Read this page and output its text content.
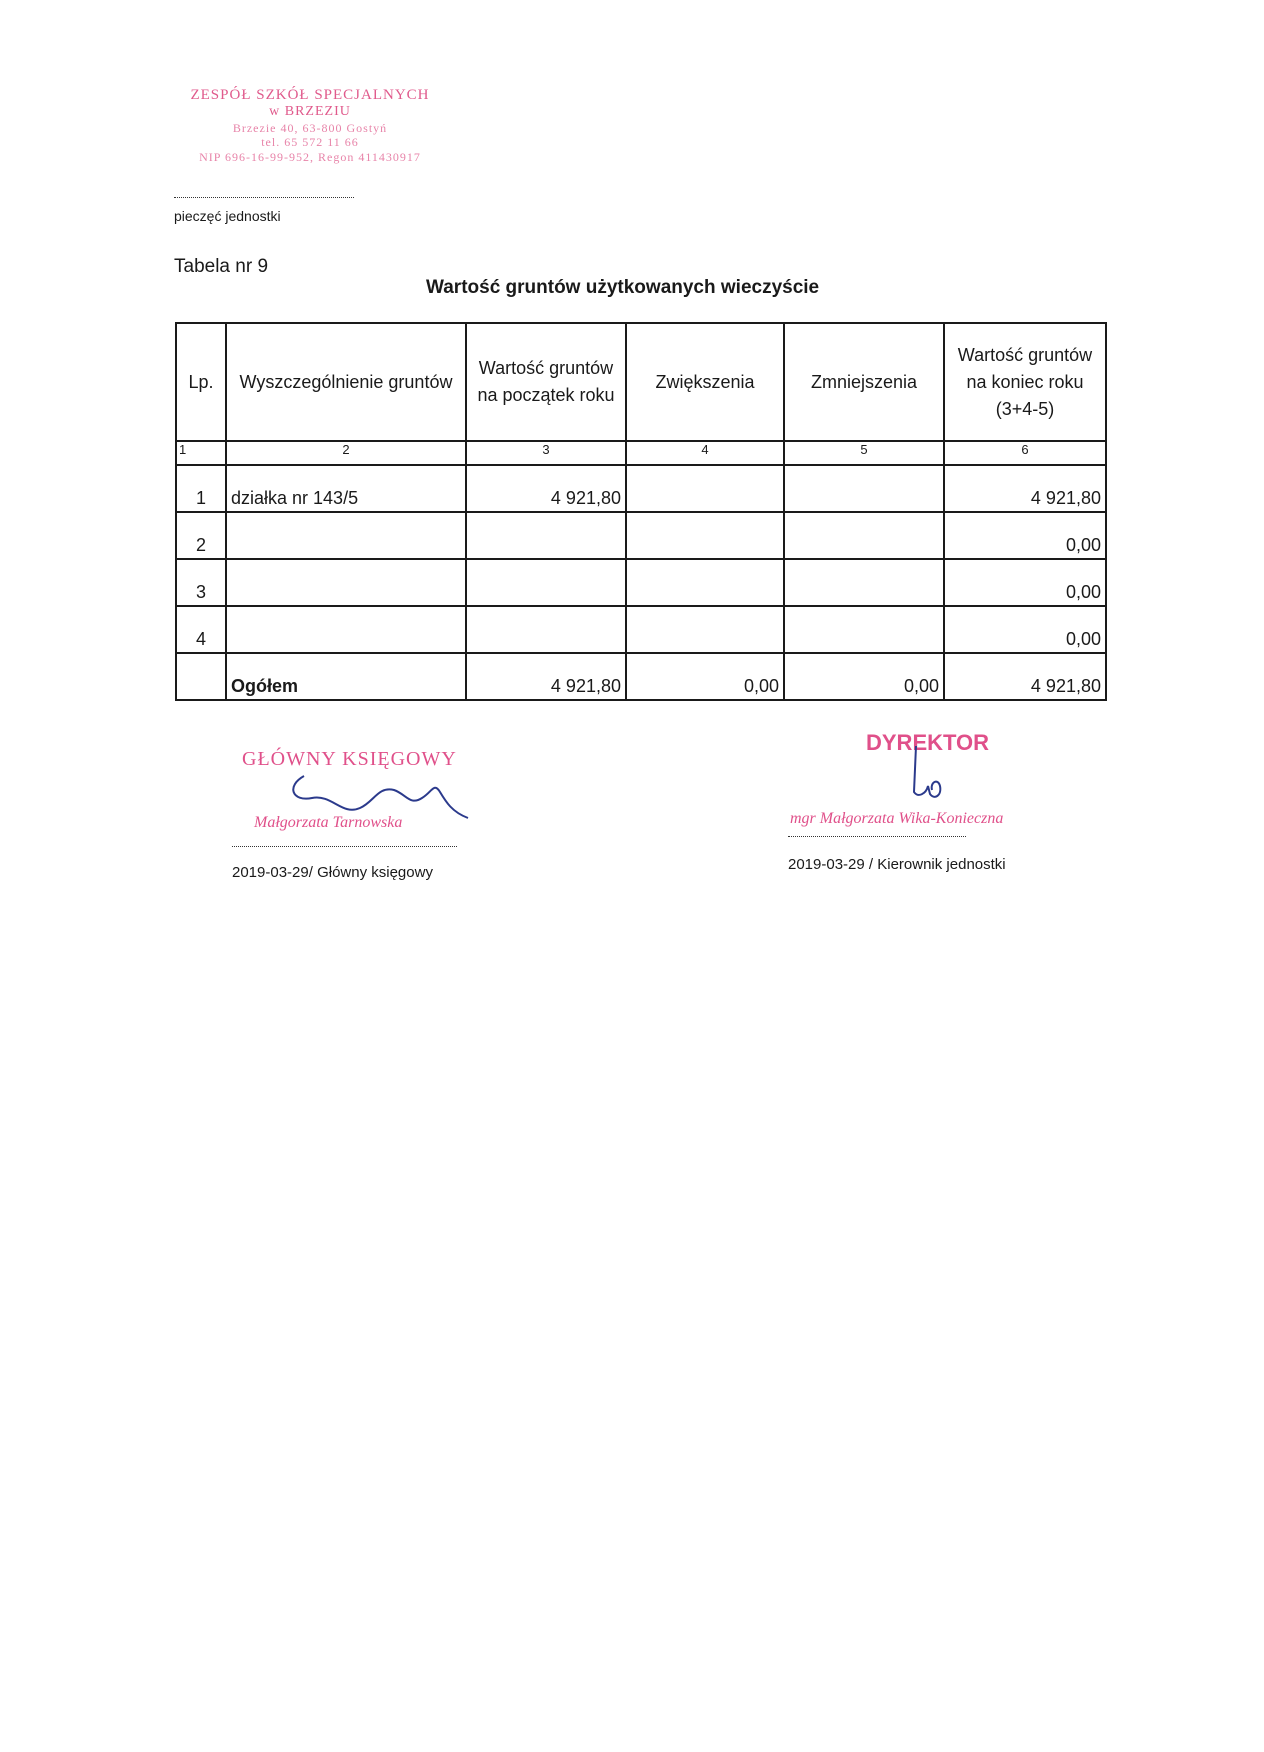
ZESPÓŁ SZKÓŁ SPECJALNYCH
w BRZEZIU
Brzezie 40, 63-800 Gostyń
tel. 65 572 11 66
NIP 696-16-99-952, Regon 411430917
pieczęć jednostki
Tabela nr 9
Wartość gruntów użytkowanych wieczyście
Lp.	Wyszczególnienie gruntów	Wartość gruntów na początek roku	Zwiększenia	Zmniejszenia	Wartość gruntów na koniec roku (3+4-5)
1	2	3	4	5	6
1	działka nr 143/5	4 921,80			4 921,80
2					0,00
3					0,00
4					0,00
	Ogółem	4 921,80	0,00	0,00	4 921,80
GŁÓWNY KSIĘGOWY
Małgorzata Tarnowska
2019-03-29/ Główny księgowy
DYREKTOR
mgr Małgorzata Wika-Konieczna
2019-03-29 / Kierownik jednostki
